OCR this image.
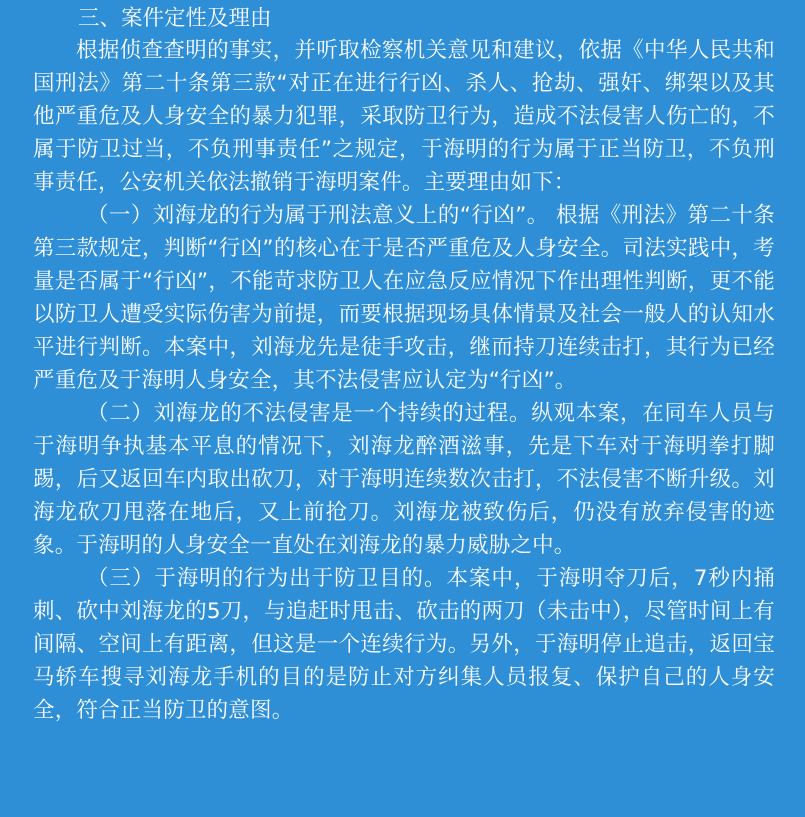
三、案件定性及理由

根据侦查查明的事实，并听取检察机关意见和建议，依据《中华人民共和国刑法》第二十条第三款“对正在进行行凶、杀人、抢劫、强奸、绑架以及其他严重危及人身安全的暴力犯罪，采取防卫行为，造成不法侵害人伤亡的，不属于防卫过当，不负刑事责任”之规定，于海明的行为属于正当防卫，不负刑事责任，公安机关依法撤销于海明案件。主要理由如下：

（一）刘海龙的行为属于刑法意义上的“行凶”。 根据《刑法》第二十条第三款规定，判断“行凶”的核心在于是否严重危及人身安全。司法实践中，考量是否属于“行凶”，不能苛求防卫人在应急反应情况下作出理性判断，更不能以防卫人遭受实际伤害为前提，而要根据现场具体情景及社会一般人的认知水平进行判断。本案中，刘海龙先是徒手攻击，继而持刀连续击打，其行为已经严重危及于海明人身安全，其不法侵害应认定为“行凶”。

（二）刘海龙的不法侵害是一个持续的过程。纵观本案，在同车人员与于海明争执基本平息的情况下，刘海龙醉酒滋事，先是下车对于海明拳打脚踢，后又返回车内取出砍刀，对于海明连续数次击打，不法侵害不断升级。刘海龙砍刀甩落在地后，又上前抢刀。刘海龙被致伤后，仍没有放弃侵害的迹象。于海明的人身安全一直处在刘海龙的暴力威胁之中。

（三）于海明的行为出于防卫目的。本案中，于海明夺刀后，7秒内捅刺、砍中刘海龙的5刀，与追赶时甩击、砍击的两刀（未击中），尽管时间上有间隔、空间上有距离，但这是一个连续行为。另外，于海明停止追击，返回宝马轿车搜寻刘海龙手机的目的是防止对方纠集人员报复、保护自己的人身安全，符合正当防卫的意图。
